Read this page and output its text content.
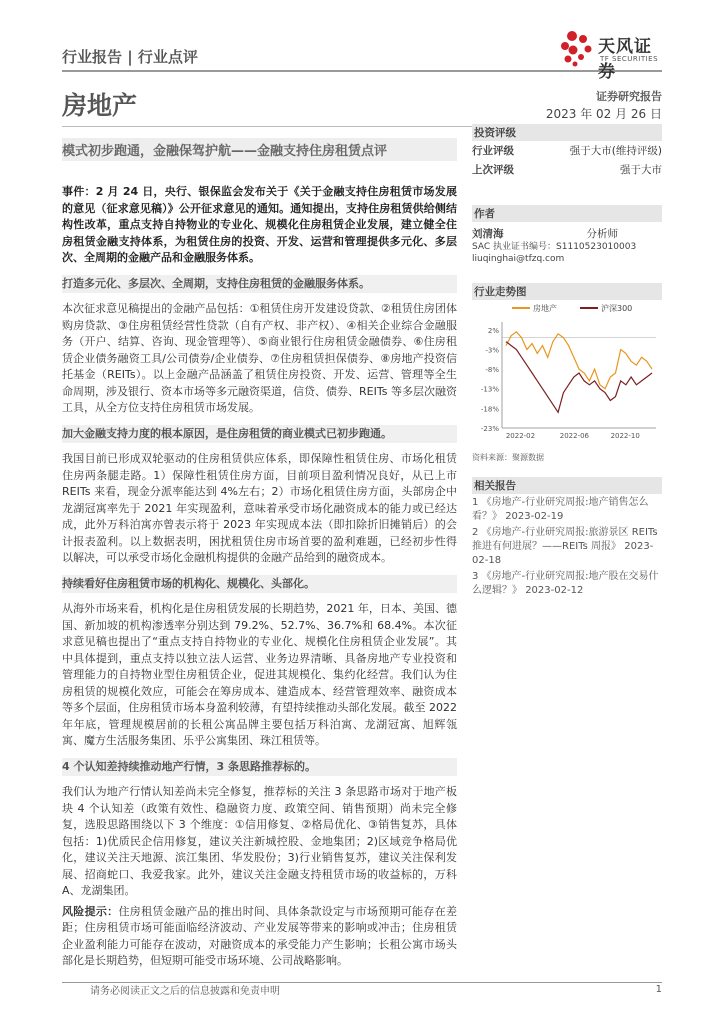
行业报告 | 行业点评	天风证券
TF SECURITIES
房地产	证券研究报告
2023 年 02 月 26 日
模式初步跑通，金融保驾护航——金融支持住房租赁点评

事件：2 月 24 日，央行、银保监会发布关于《关于金融支持住房租赁市场发展的意见（征求意见稿）》公开征求意见的通知。通知提出，支持住房租赁供给侧结构性改革，重点支持自持物业的专业化、规模化住房租赁企业发展，建立健全住房租赁金融支持体系，为租赁住房的投资、开发、运营和管理提供多元化、多层次、全周期的金融产品和金融服务体系。

打造多元化、多层次、全周期，支持住房租赁的金融服务体系。

本次征求意见稿提出的金融产品包括：①租赁住房开发建设贷款、②租赁住房团体购房贷款、③住房租赁经营性贷款（自有产权、非产权）、④相关企业综合金融服务（开户、结算、咨询、现金管理等）、⑤商业银行住房租赁金融债券、⑥住房租赁企业债务融资工具/公司债券/企业债券、⑦住房租赁担保债券、⑧房地产投资信托基金（REITs）。以上金融产品涵盖了租赁住房投资、开发、运营、管理等全生命周期，涉及银行、资本市场等多元融资渠道，信贷、债券、REITs 等多层次融资工具，从全方位支持住房租赁市场发展。

加大金融支持力度的根本原因，是住房租赁的商业模式已初步跑通。

我国目前已形成双轮驱动的住房租赁供应体系，即保障性租赁住房、市场化租赁住房两条腿走路。1）保障性租赁住房方面，目前项目盈利情况良好，从已上市 REITs 来看，现金分派率能达到 4%左右；2）市场化租赁住房方面，头部房企中龙湖冠寓率先于 2021 年实现盈利，意味着承受市场化融资成本的能力或已经达成，此外万科泊寓亦曾表示将于 2023 年实现成本法（即扣除折旧摊销后）的会计报表盈利。以上数据表明，困扰租赁住房市场首要的盈利难题，已经初步性得以解决，可以承受市场化金融机构提供的金融产品给到的融资成本。

持续看好住房租赁市场的机构化、规模化、头部化。

从海外市场来看，机构化是住房租赁发展的长期趋势，2021 年，日本、美国、德国、新加坡的机构渗透率分别达到 79.2%、52.7%、36.7%和 68.4%。本次征求意见稿也提出了“重点支持自持物业的专业化、规模化住房租赁企业发展”。其中具体提到，重点支持以独立法人运营、业务边界清晰、具备房地产专业投资和管理能力的自持物业型住房租赁企业，促进其规模化、集约化经营。我们认为住房租赁的规模化效应，可能会在筹房成本、建造成本、经营管理效率、融资成本等多个层面，住房租赁市场本身盈利较薄，有望持续推动头部化发展。截至 2022 年年底，管理规模居前的长租公寓品牌主要包括万科泊寓、龙湖冠寓、旭辉瓴寓、魔方生活服务集团、乐乎公寓集团、珠江租赁等。

4 个认知差持续推动地产行情，3 条思路推荐标的。

我们认为地产行情认知差尚未完全修复，推荐标的关注 3 条思路市场对于地产板块 4 个认知差（政策有效性、稳融资力度、政策空间、销售预期）尚未完全修复，选股思路围绕以下 3 个维度：①信用修复、②格局优化、③销售复苏，具体包括：1)优质民企信用修复，建议关注新城控股、金地集团；2)区域竞争格局优化，建议关注天地源、滨江集团、华发股份；3)行业销售复苏，建议关注保利发展、招商蛇口、我爱我家。此外，建议关注金融支持租赁市场的收益标的，万科 A、龙湖集团。

风险提示：住房租赁金融产品的推出时间、具体条款设定与市场预期可能存在差距；住房租赁市场可能面临经济波动、产业发展等带来的影响或冲击；住房租赁企业盈利能力可能存在波动，对融资成本的承受能力产生影响；长租公寓市场头部化是长期趋势，但短期可能受市场环境、公司战略影响。

投资评级
行业评级	强于大市(维持评级)
上次评级	强于大市
作者
刘清海	分析师
SAC 执业证书编号：S1110523010003
liuqinghai@tfzq.com
行业走势图
房地产	沪深300
2%
-3%
-8%
-13%
-18%
-23%
2022-02	2022-06	2022-10
资料来源：聚源数据
相关报告
1 《房地产-行业研究周报:地产销售怎么看？》 2023-02-19
2 《房地产-行业研究周报:旅游景区 REITs 推进有何进展？——REITs 周报》 2023-02-18
3 《房地产-行业研究周报:地产股在交易什么逻辑？》 2023-02-12
请务必阅读正文之后的信息披露和免责申明	1
